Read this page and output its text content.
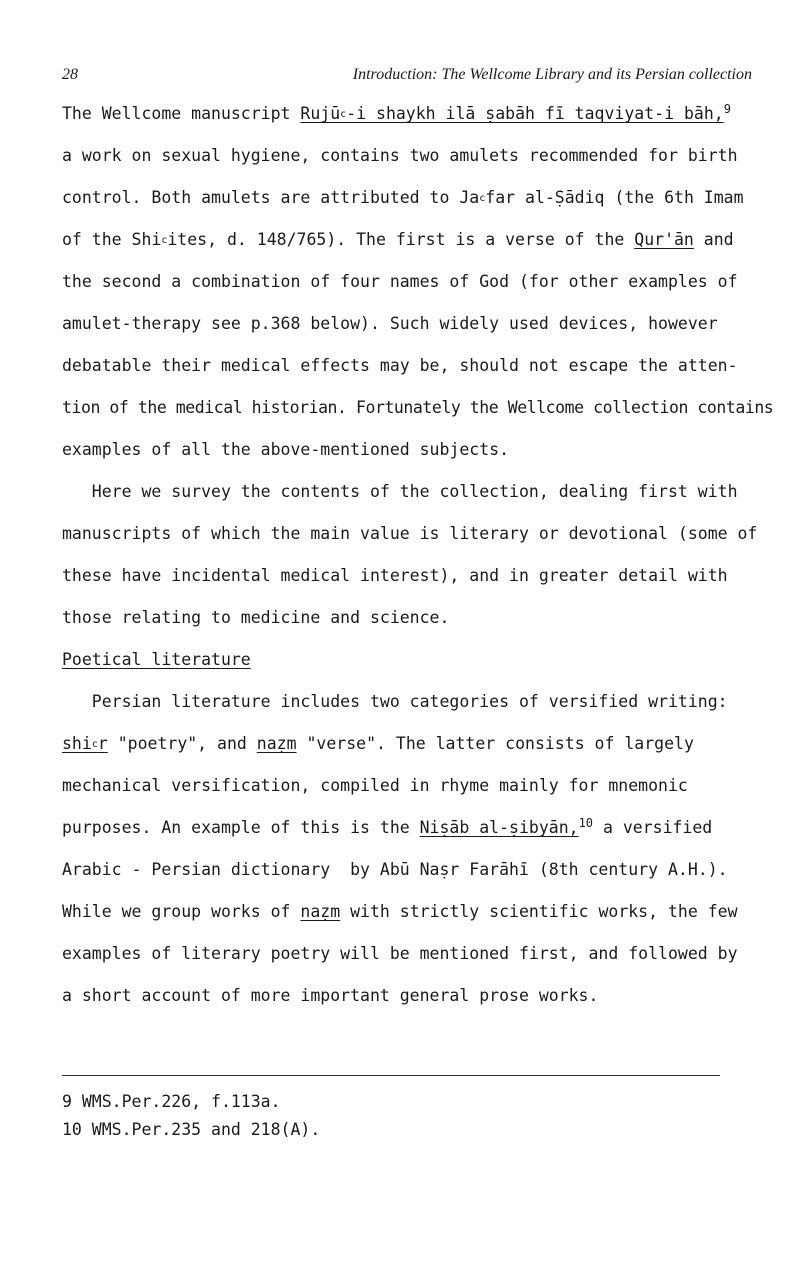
28	Introduction: The Wellcome Library and its Persian collection
The Wellcome manuscript Rujū$^c$-i shaykh ilā ṣabāh fī taqviyat-i bāh,$^9$
a work on sexual hygiene, contains two amulets recommended for birth
control. Both amulets are attributed to Ja$^c$far al-Ṣādiq (the 6th Imam
of the Shi$^c$ites, d. 148/765). The first is a verse of the Qur'ān and
the second a combination of four names of God (for other examples of
amulet-therapy see p.368 below). Such widely used devices, however
debatable their medical effects may be, should not escape the atten-
tion of the medical historian. Fortunately the Wellcome collection contains
examples of all the above-mentioned subjects.
Here we survey the contents of the collection, dealing first with
manuscripts of which the main value is literary or devotional (some of
these have incidental medical interest), and in greater detail with
those relating to medicine and science.
Poetical literature
Persian literature includes two categories of versified writing:
shi$^c$r "poetry", and naẓm "verse". The latter consists of largely
mechanical versification, compiled in rhyme mainly for mnemonic
purposes. An example of this is the Niṣāb al-ṣibyān,$^{10}$ a versified
Arabic - Persian dictionary  by Abū Naṣr Farāhī (8th century A.H.).
While we group works of naẓm with strictly scientific works, the few
examples of literary poetry will be mentioned first, and followed by
a short account of more important general prose works.
9 WMS.Per.226, f.113a.
10 WMS.Per.235 and 218(A).
